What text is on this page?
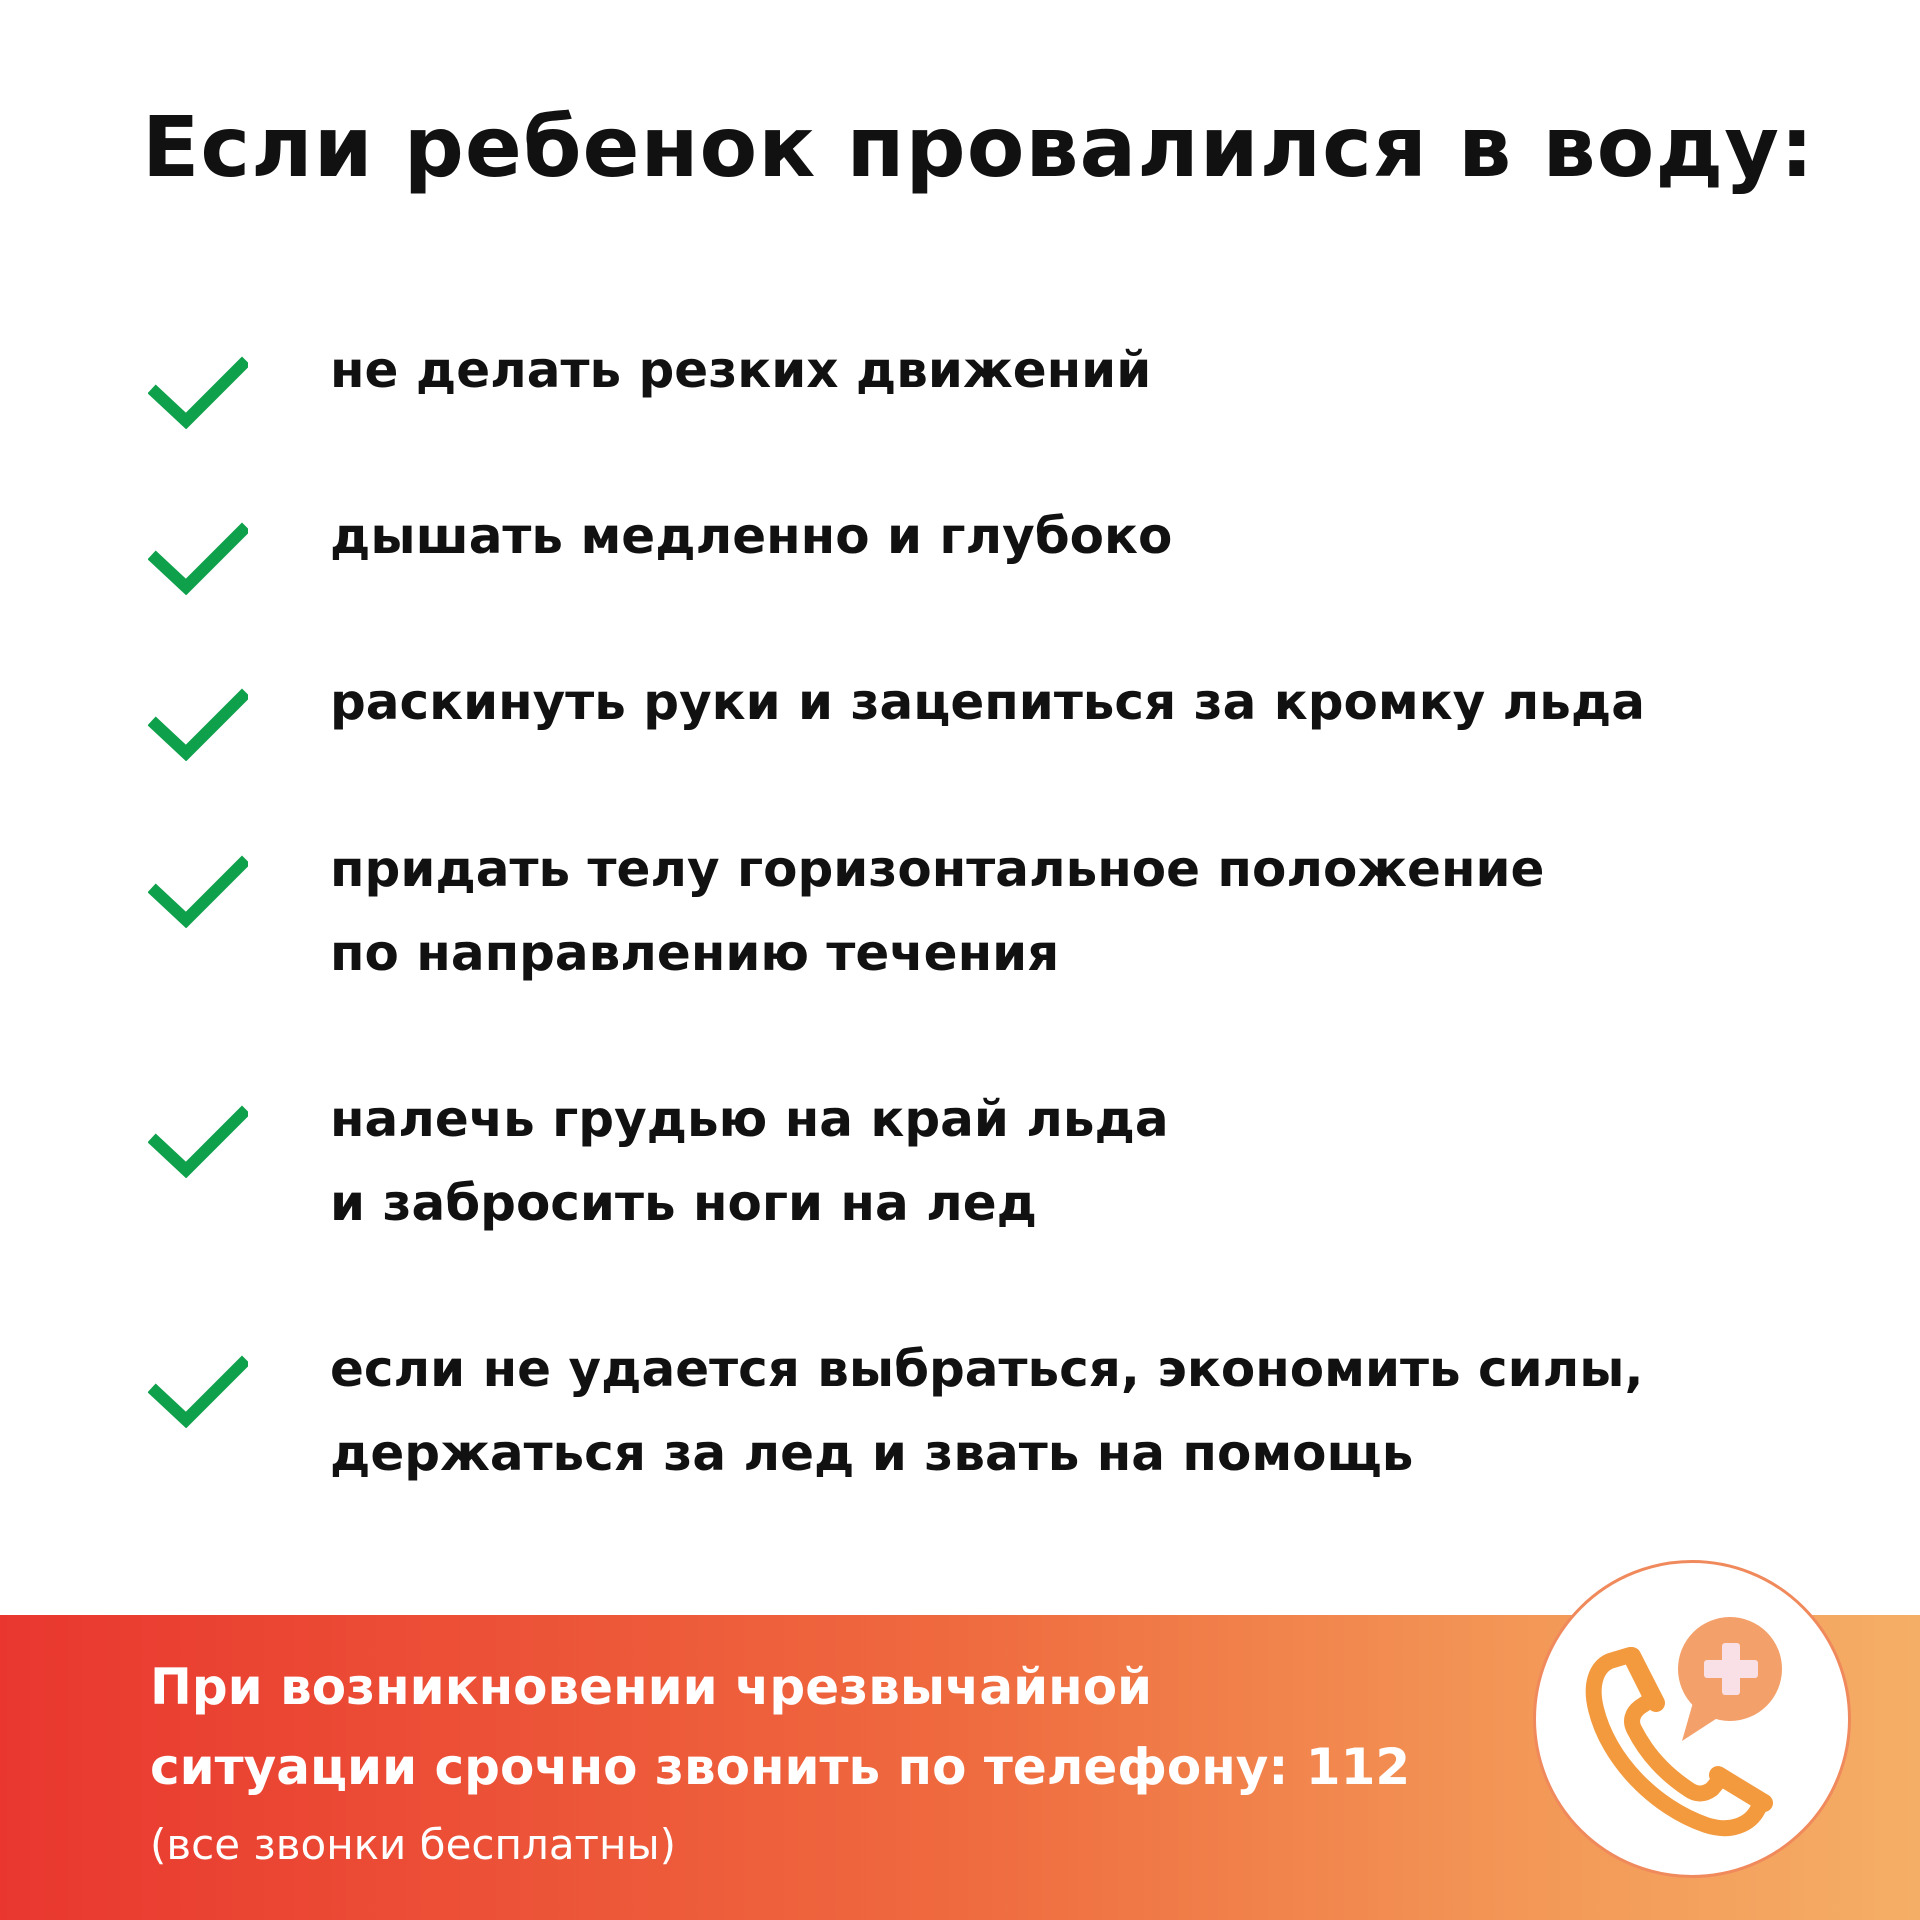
Если ребенок провалился в воду:
не делать резких движений
дышать медленно и глубоко
раскинуть руки и зацепиться за кромку льда
придать телу горизонтальное положение
по направлению течения
налечь грудью на край льда
и забросить ноги на лед
если не удается выбраться, экономить силы,
держаться за лед и звать на помощь
При возникновении чрезвычайной
ситуации срочно звонить по телефону: 112
(все звонки бесплатны)
